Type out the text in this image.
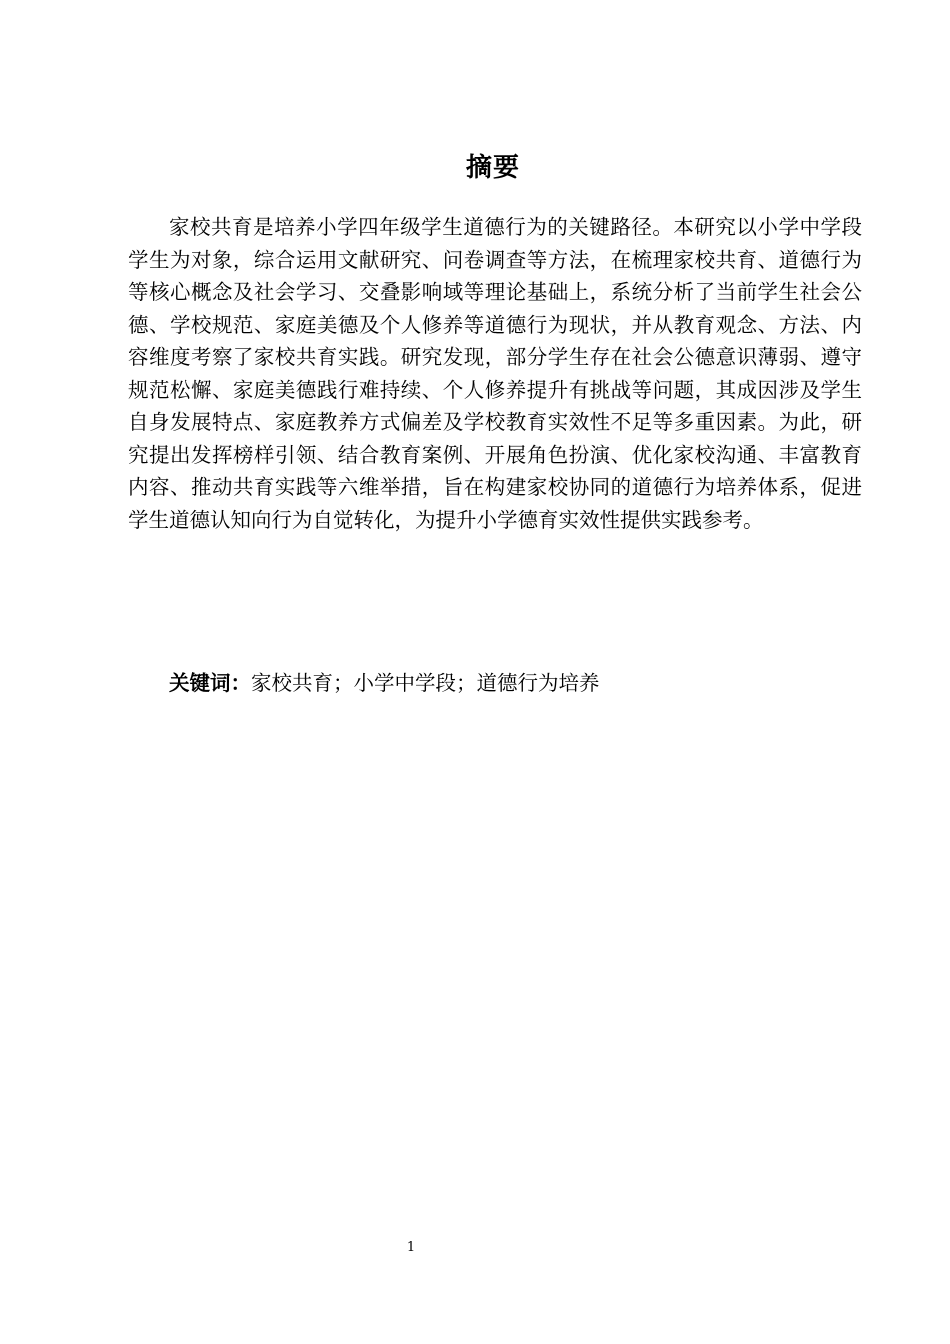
摘要

家校共育是培养小学四年级学生道德行为的关键路径。本研究以小学中学段学生为对象，综合运用文献研究、问卷调查等方法，在梳理家校共育、道德行为等核心概念及社会学习、交叠影响域等理论基础上，系统分析了当前学生社会公德、学校规范、家庭美德及个人修养等道德行为现状，并从教育观念、方法、内容维度考察了家校共育实践。研究发现，部分学生存在社会公德意识薄弱、遵守规范松懈、家庭美德践行难持续、个人修养提升有挑战等问题，其成因涉及学生自身发展特点、家庭教养方式偏差及学校教育实效性不足等多重因素。为此，研究提出发挥榜样引领、结合教育案例、开展角色扮演、优化家校沟通、丰富教育内容、推动共育实践等六维举措，旨在构建家校协同的道德行为培养体系，促进学生道德认知向行为自觉转化，为提升小学德育实效性提供实践参考。

关键词：家校共育；小学中学段；道德行为培养

1
